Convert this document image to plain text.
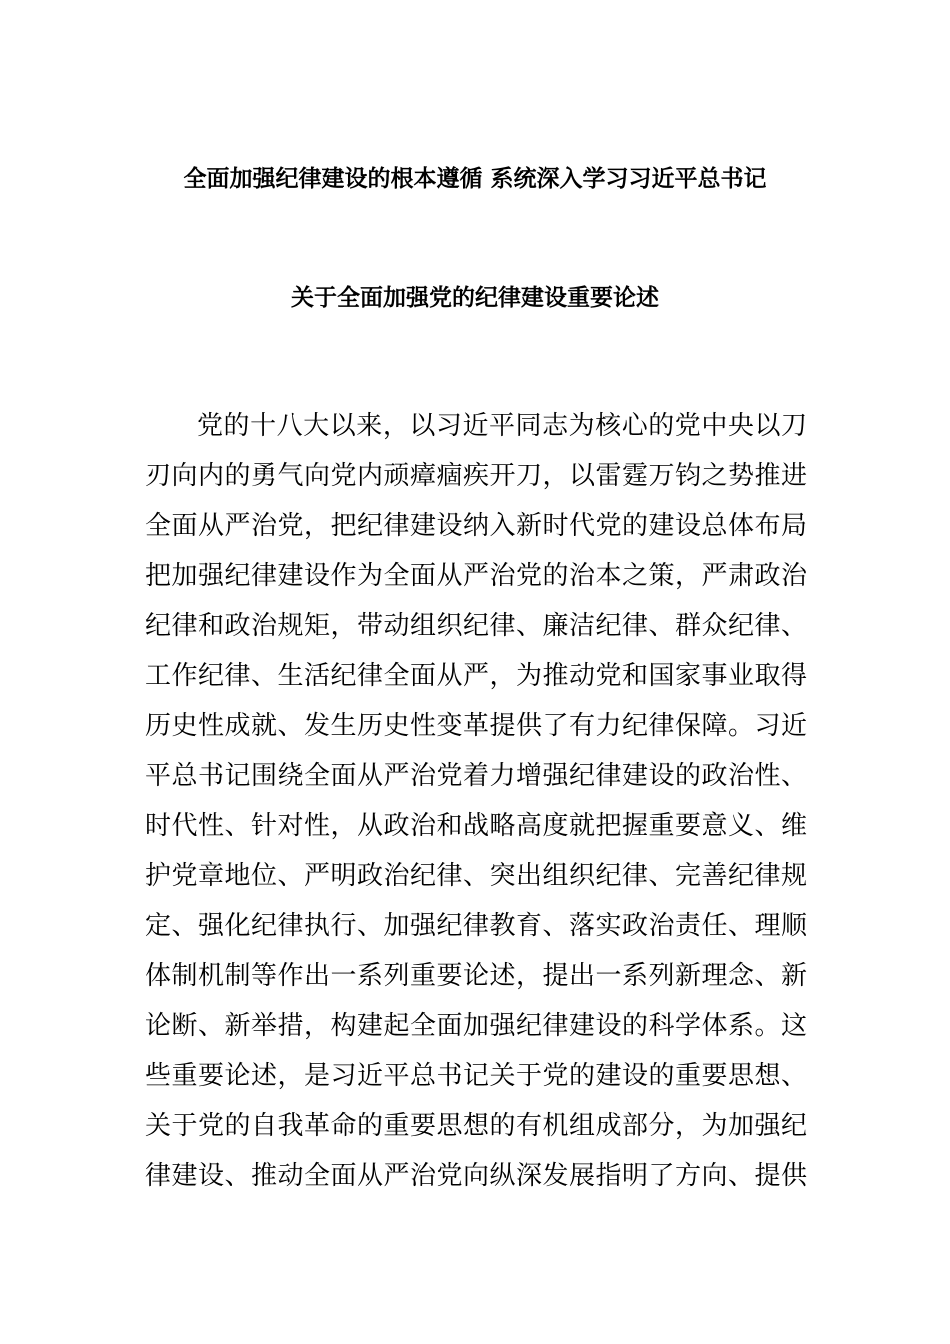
全面加强纪律建设的根本遵循 系统深入学习习近平总书记
关于全面加强党的纪律建设重要论述
党的十八大以来，以习近平同志为核心的党中央以刀
刃向内的勇气向党内顽瘴痼疾开刀，以雷霆万钧之势推进
全面从严治党，把纪律建设纳入新时代党的建设总体布局
把加强纪律建设作为全面从严治党的治本之策，严肃政治
纪律和政治规矩，带动组织纪律、廉洁纪律、群众纪律、
工作纪律、生活纪律全面从严，为推动党和国家事业取得
历史性成就、发生历史性变革提供了有力纪律保障。习近
平总书记围绕全面从严治党着力增强纪律建设的政治性、
时代性、针对性，从政治和战略高度就把握重要意义、维
护党章地位、严明政治纪律、突出组织纪律、完善纪律规
定、强化纪律执行、加强纪律教育、落实政治责任、理顺
体制机制等作出一系列重要论述，提出一系列新理念、新
论断、新举措，构建起全面加强纪律建设的科学体系。这
些重要论述，是习近平总书记关于党的建设的重要思想、
关于党的自我革命的重要思想的有机组成部分，为加强纪
律建设、推动全面从严治党向纵深发展指明了方向、提供
